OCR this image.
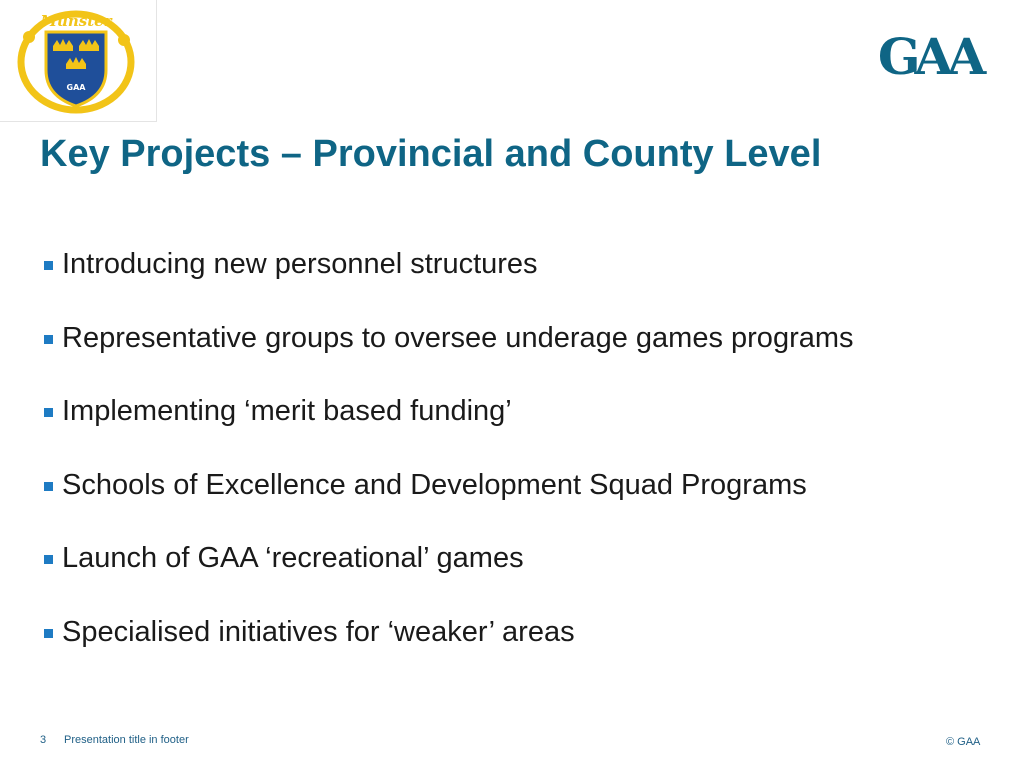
Munster
GAA
GAA
Key Projects – Provincial and County Level
Introducing new personnel structures
Representative groups to oversee underage games programs
Implementing ‘merit based funding’
Schools of Excellence and Development Squad Programs
Launch of GAA ‘recreational’ games
Specialised initiatives for ‘weaker’ areas
3 Presentation title in footer	© GAA
